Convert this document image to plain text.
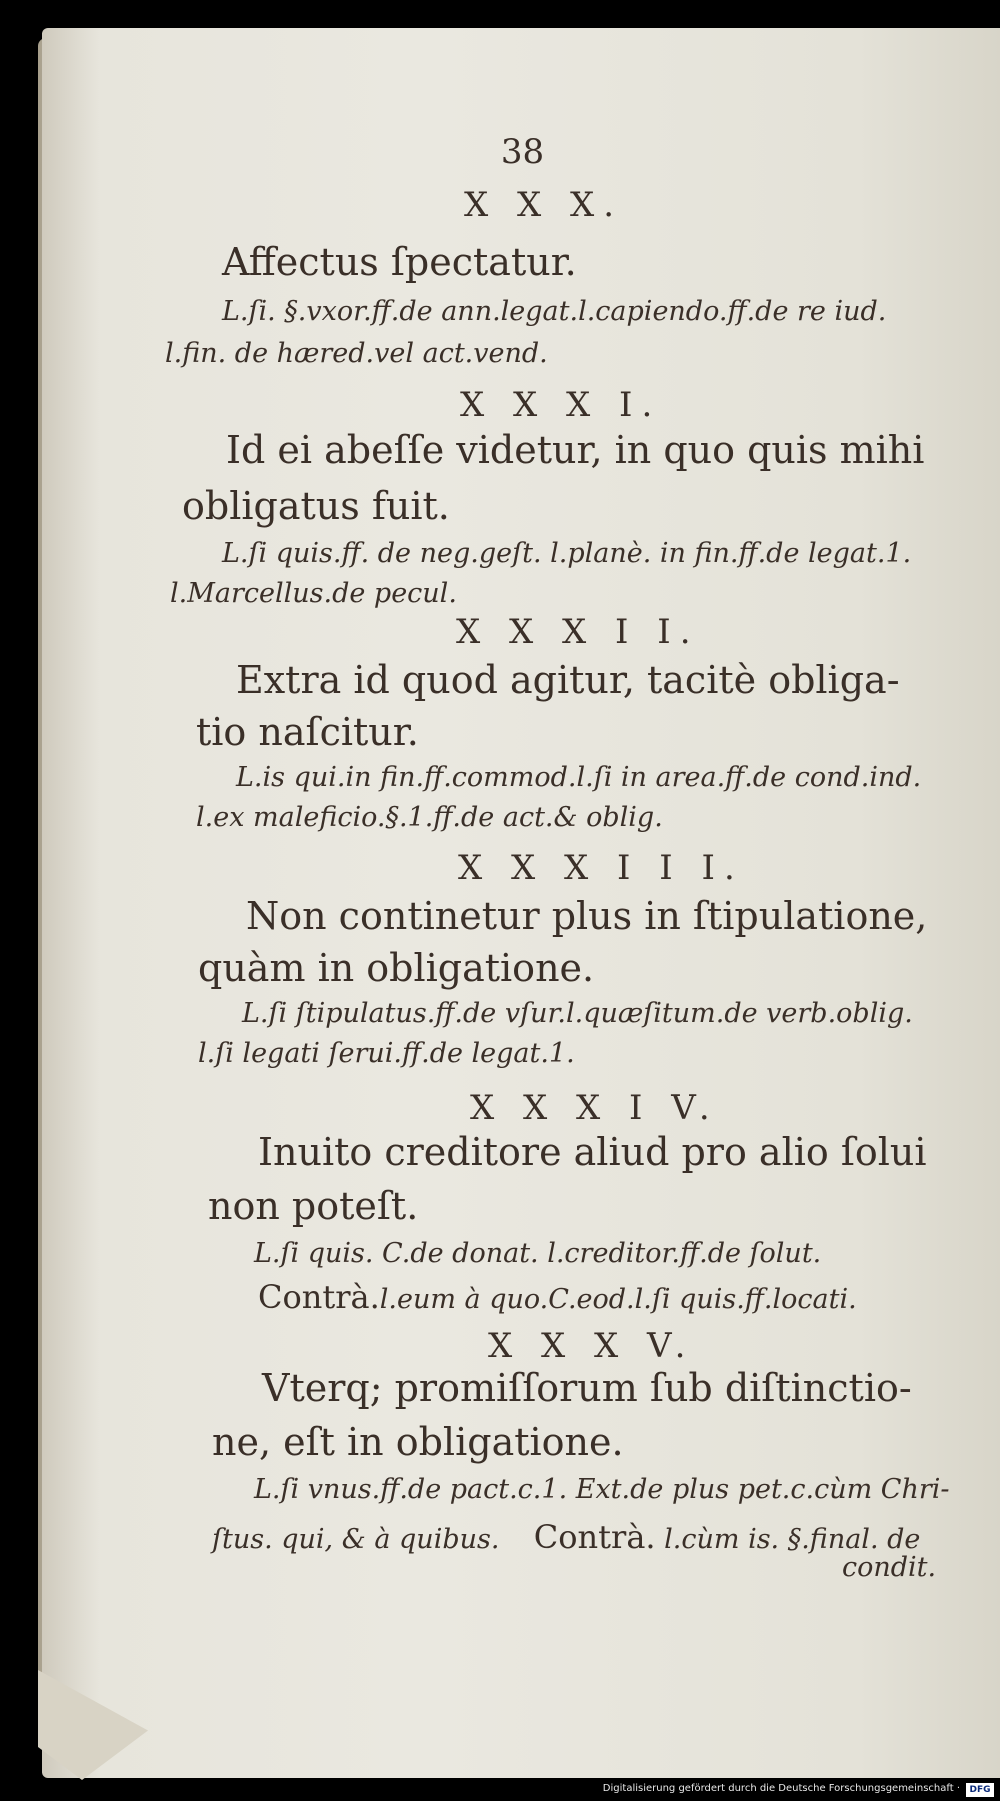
38
X X X.
Affectus ſpectatur.
L.ſi. §.vxor.ff.de ann.legat.l.capiendo.ff.de re iud.
l.fin. de hæred.vel act.vend.
X X X I.
Id ei abeſſe videtur, in quo quis mihi
obligatus fuit.
L.ſi quis.ff. de neg.geſt. l.planè. in fin.ff.de legat.1.
l.Marcellus.de pecul.
X X X I I.
Extra id quod agitur, tacitè obliga-
tio naſcitur.
L.is qui.in fin.ff.commod.l.ſi in area.ff.de cond.ind.
l.ex maleficio.§.1.ff.de act.& oblig.
X X X I I I.
Non continetur plus in ſtipulatione,
quàm in obligatione.
L.ſi ſtipulatus.ff.de vſur.l.quæſitum.de verb.oblig.
l.ſi legati ſerui.ff.de legat.1.
X X X I V.
Inuito creditore aliud pro alio ſolui
non poteſt.
L.ſi quis. C.de donat. l.creditor.ff.de ſolut.
Contrà.l.eum à quo.C.eod.l.ſi quis.ff.locati.
X X X V.
Vterq; promiſſorum ſub diſtinctio-
ne, eſt in obligatione.
L.ſi vnus.ff.de pact.c.1. Ext.de plus pet.c.cùm Chri-
ſtus. qui, & à quibus. Contrà. l.cùm is. §.final. de
condit.
Digitalisierung gefördert durch die Deutsche Forschungsgemeinschaft ·	DFG
